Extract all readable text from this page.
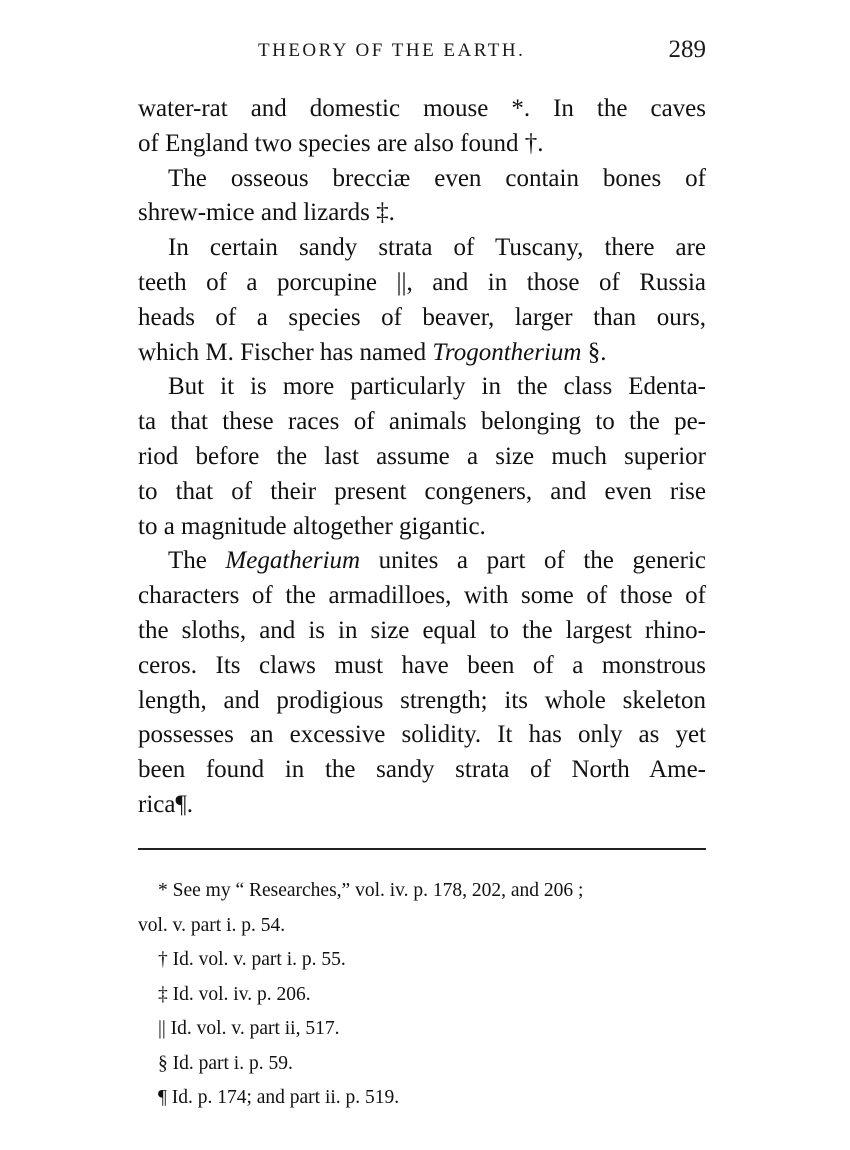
THEORY OF THE EARTH.	289
water-rat and domestic mouse *. In the caves
of England two species are also found †.
The osseous brecciæ even contain bones of
shrew-mice and lizards ‡.
In certain sandy strata of Tuscany, there are
teeth of a porcupine ||, and in those of Russia
heads of a species of beaver, larger than ours,
which M. Fischer has named Trogontherium §.
But it is more particularly in the class Edenta-
ta that these races of animals belonging to the pe-
riod before the last assume a size much superior
to that of their present congeners, and even rise
to a magnitude altogether gigantic.
The Megatherium unites a part of the generic
characters of the armadilloes, with some of those of
the sloths, and is in size equal to the largest rhino-
ceros. Its claws must have been of a monstrous
length, and prodigious strength; its whole skeleton
possesses an excessive solidity. It has only as yet
been found in the sandy strata of North Ame-
rica¶.
* See my “ Researches,” vol. iv. p. 178, 202, and 206 ;
vol. v. part i. p. 54.
† Id. vol. v. part i. p. 55.
‡ Id. vol. iv. p. 206.
|| Id. vol. v. part ii, 517.
§ Id. part i. p. 59.
¶ Id. p. 174; and part ii. p. 519.
